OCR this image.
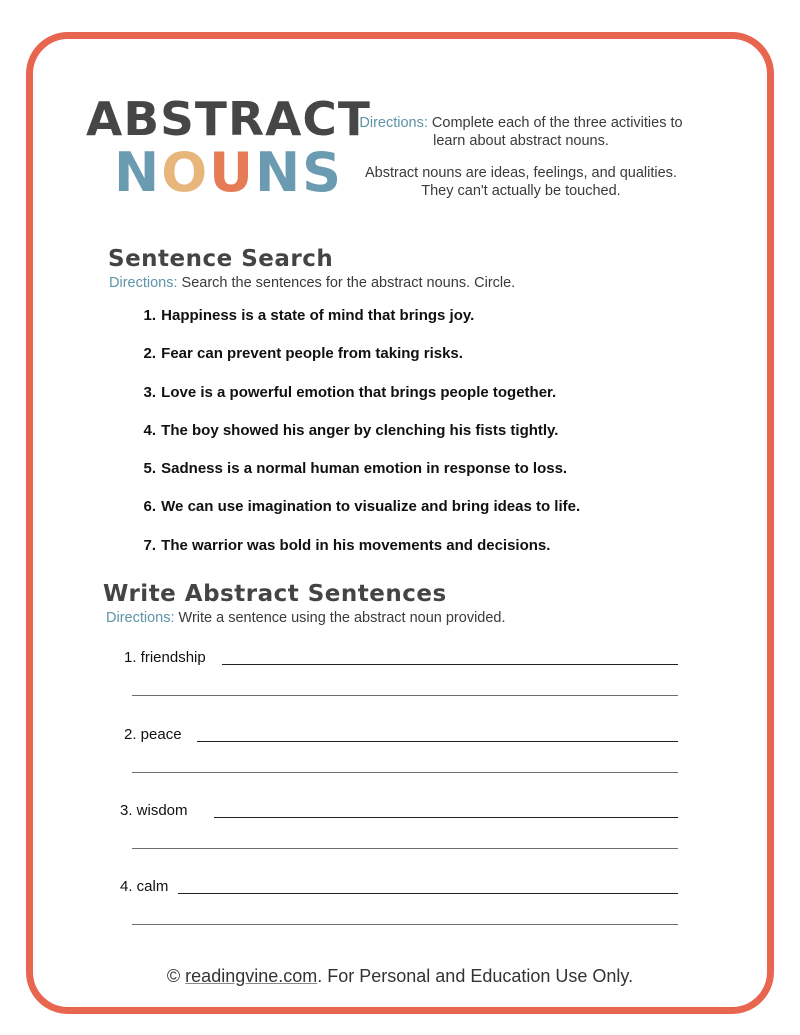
ABSTRACT
NOUNS

Directions: Complete each of the three activities to learn about abstract nouns.

Abstract nouns are ideas, feelings, and qualities. They can't actually be touched.

Sentence Search
Directions: Search the sentences for the abstract nouns. Circle.
1. Happiness is a state of mind that brings joy.
2. Fear can prevent people from taking risks.
3. Love is a powerful emotion that brings people together.
4. The boy showed his anger by clenching his fists tightly.
5. Sadness is a normal human emotion in response to loss.
6. We can use imagination to visualize and bring ideas to life.
7. The warrior was bold in his movements and decisions.
Write Abstract Sentences
Directions: Write a sentence using the abstract noun provided.
1. friendship
2. peace
3. wisdom
4. calm
© readingvine.com. For Personal and Education Use Only.
